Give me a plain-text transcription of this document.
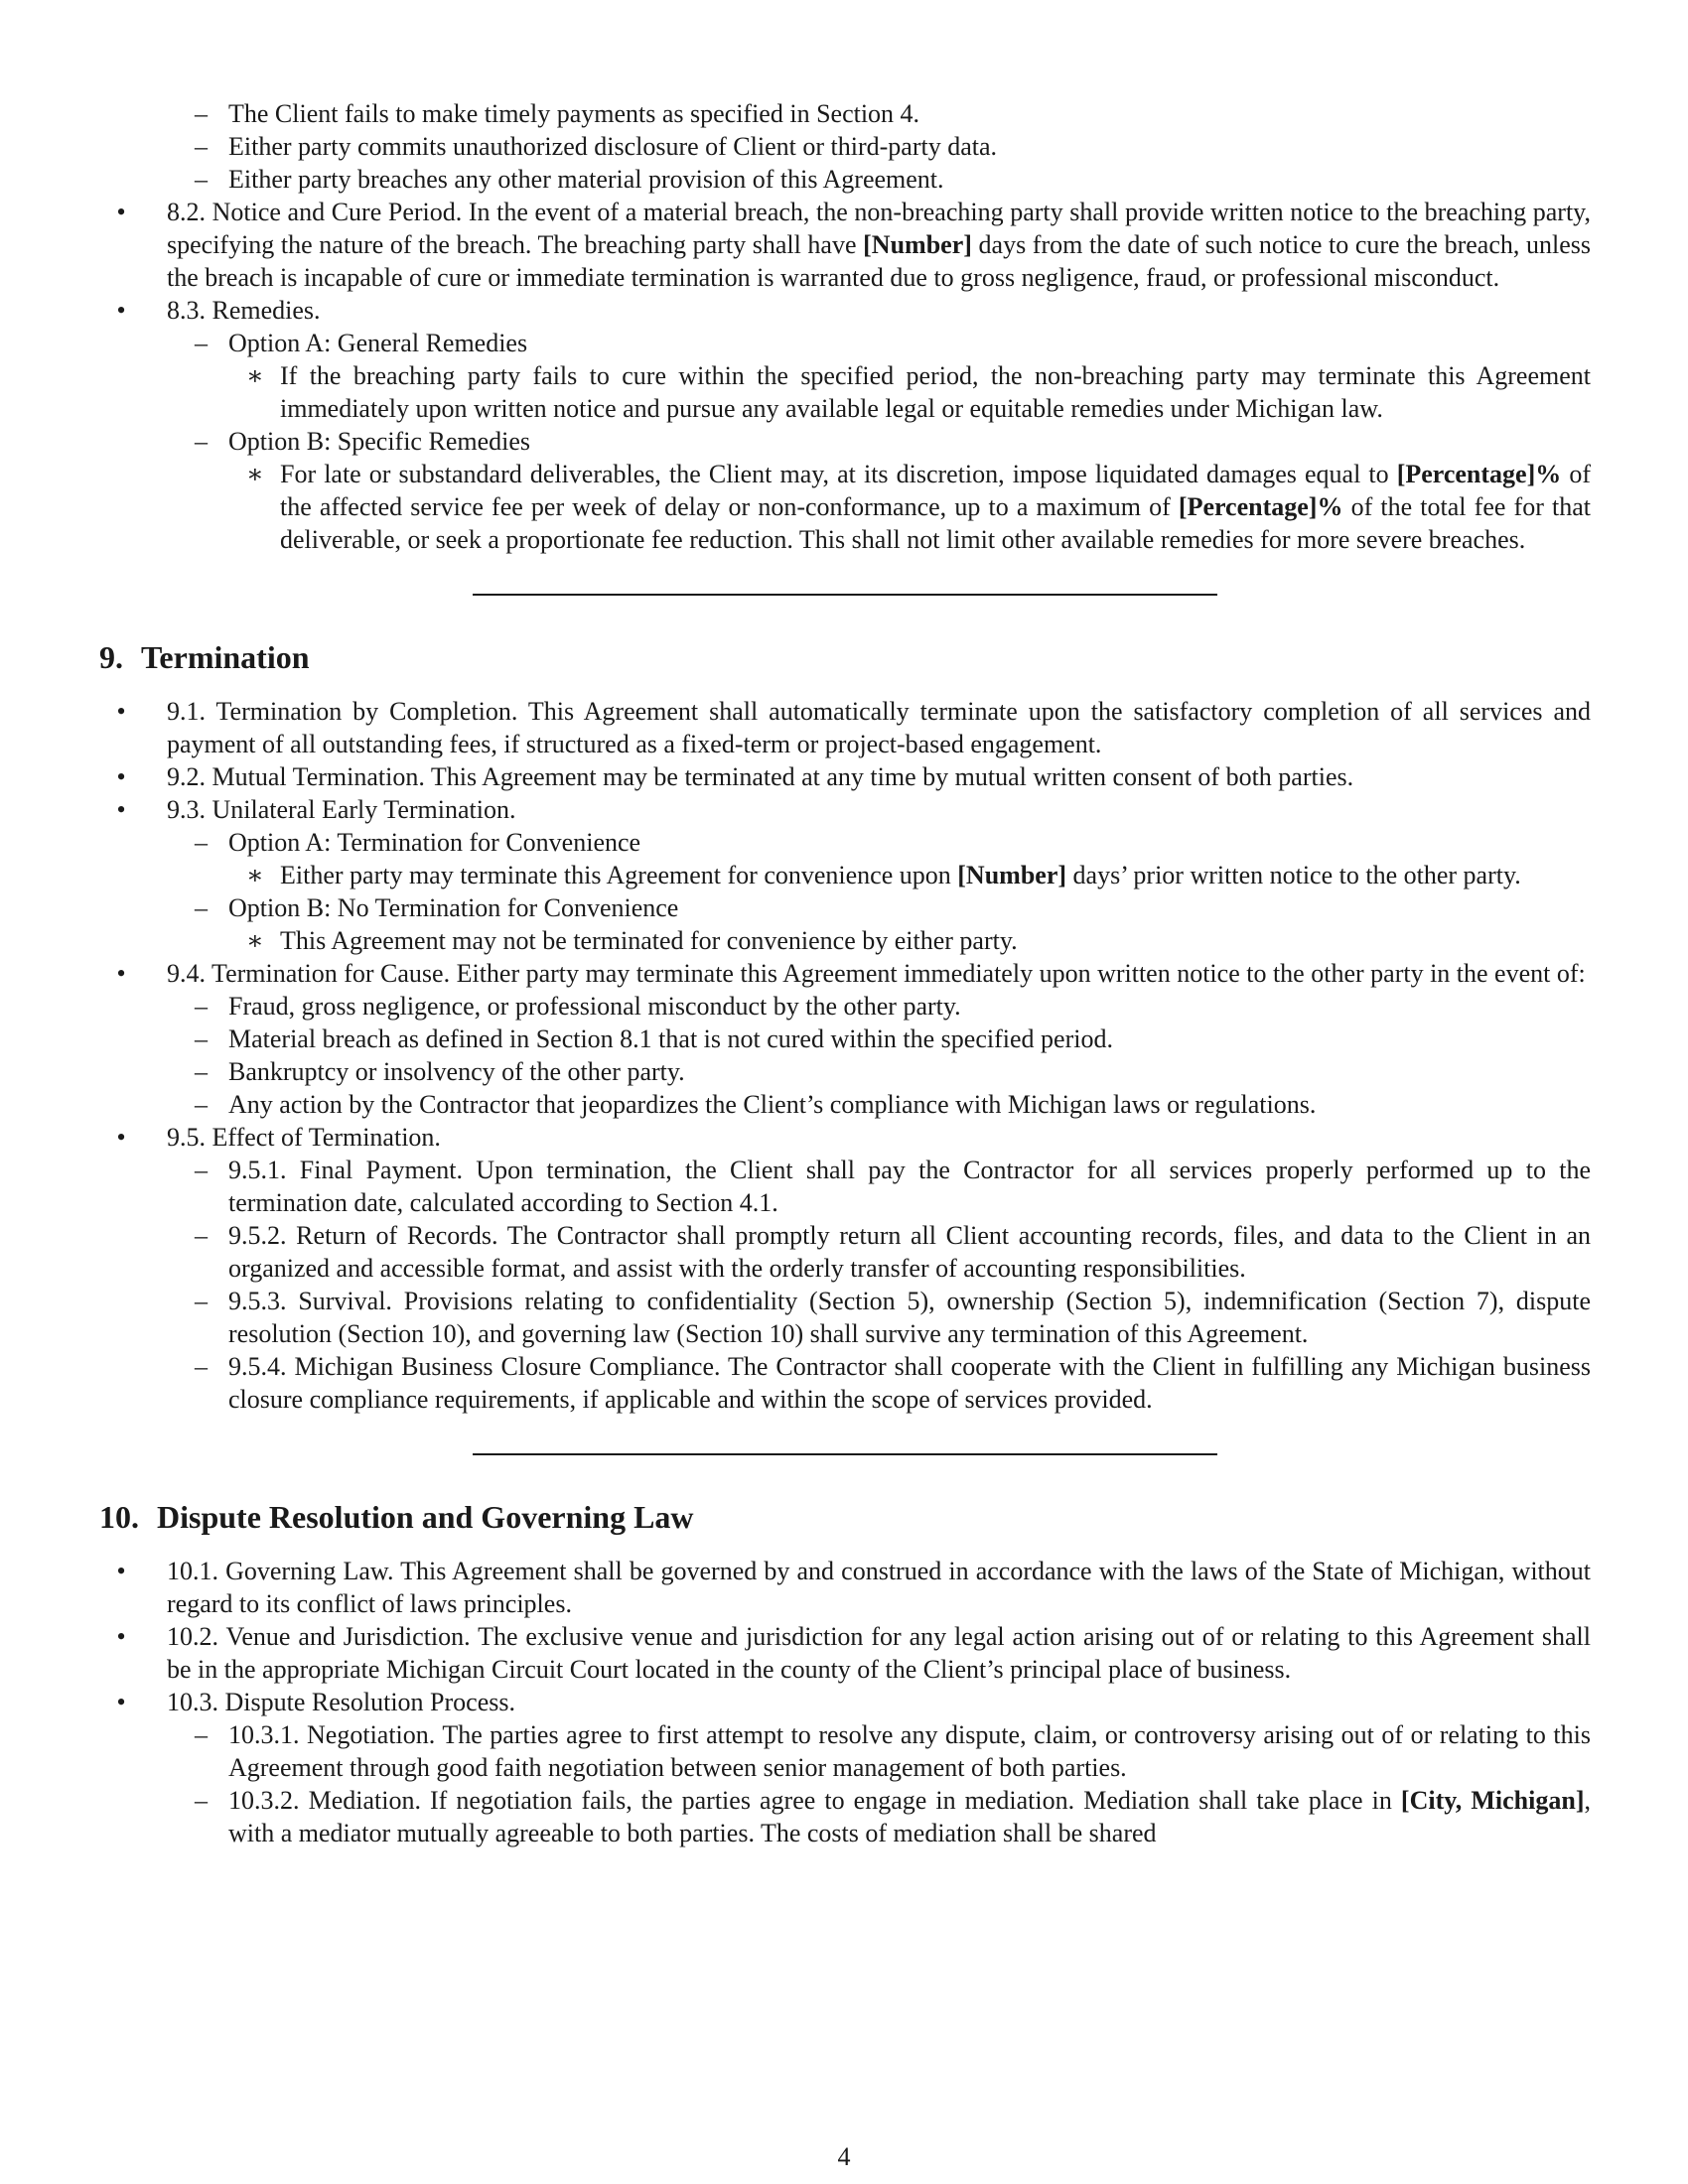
– The Client fails to make timely payments as specified in Section 4.
– Either party commits unauthorized disclosure of Client or third-party data.
– Either party breaches any other material provision of this Agreement.
•	8.2. Notice and Cure Period. In the event of a material breach, the non-breaching party shall provide written notice to the breaching party, specifying the nature of the breach. The breaching party shall have [Number] days from the date of such notice to cure the breach, unless the breach is incapable of cure or immediate termination is warranted due to gross negligence, fraud, or professional misconduct.
•	8.3. Remedies.
– Option A: General Remedies
∗ If the breaching party fails to cure within the specified period, the non-breaching party may terminate this Agreement immediately upon written notice and pursue any available legal or equitable remedies under Michigan law.
– Option B: Specific Remedies
∗ For late or substandard deliverables, the Client may, at its discretion, impose liquidated damages equal to [Percentage]% of the affected service fee per week of delay or non-conformance, up to a maximum of [Percentage]% of the total fee for that deliverable, or seek a proportionate fee reduction. This shall not limit other available remedies for more severe breaches.
9. Termination
•	9.1. Termination by Completion. This Agreement shall automatically terminate upon the satisfactory completion of all services and payment of all outstanding fees, if structured as a fixed-term or project-based engagement.
•	9.2. Mutual Termination. This Agreement may be terminated at any time by mutual written consent of both parties.
•	9.3. Unilateral Early Termination.
– Option A: Termination for Convenience
∗ Either party may terminate this Agreement for convenience upon [Number] days’ prior written notice to the other party.
– Option B: No Termination for Convenience
∗ This Agreement may not be terminated for convenience by either party.
•	9.4. Termination for Cause. Either party may terminate this Agreement immediately upon written notice to the other party in the event of:
– Fraud, gross negligence, or professional misconduct by the other party.
– Material breach as defined in Section 8.1 that is not cured within the specified period.
– Bankruptcy or insolvency of the other party.
– Any action by the Contractor that jeopardizes the Client’s compliance with Michigan laws or regulations.
•	9.5. Effect of Termination.
– 9.5.1. Final Payment. Upon termination, the Client shall pay the Contractor for all services properly performed up to the termination date, calculated according to Section 4.1.
– 9.5.2. Return of Records. The Contractor shall promptly return all Client accounting records, files, and data to the Client in an organized and accessible format, and assist with the orderly transfer of accounting responsibilities.
– 9.5.3. Survival. Provisions relating to confidentiality (Section 5), ownership (Section 5), indemnification (Section 7), dispute resolution (Section 10), and governing law (Section 10) shall survive any termination of this Agreement.
– 9.5.4. Michigan Business Closure Compliance. The Contractor shall cooperate with the Client in fulfilling any Michigan business closure compliance requirements, if applicable and within the scope of services provided.
10. Dispute Resolution and Governing Law
•	10.1. Governing Law. This Agreement shall be governed by and construed in accordance with the laws of the State of Michigan, without regard to its conflict of laws principles.
•	10.2. Venue and Jurisdiction. The exclusive venue and jurisdiction for any legal action arising out of or relating to this Agreement shall be in the appropriate Michigan Circuit Court located in the county of the Client’s principal place of business.
•	10.3. Dispute Resolution Process.
– 10.3.1. Negotiation. The parties agree to first attempt to resolve any dispute, claim, or controversy arising out of or relating to this Agreement through good faith negotiation between senior management of both parties.
– 10.3.2. Mediation. If negotiation fails, the parties agree to engage in mediation. Mediation shall take place in [City, Michigan], with a mediator mutually agreeable to both parties. The costs of mediation shall be shared
4
